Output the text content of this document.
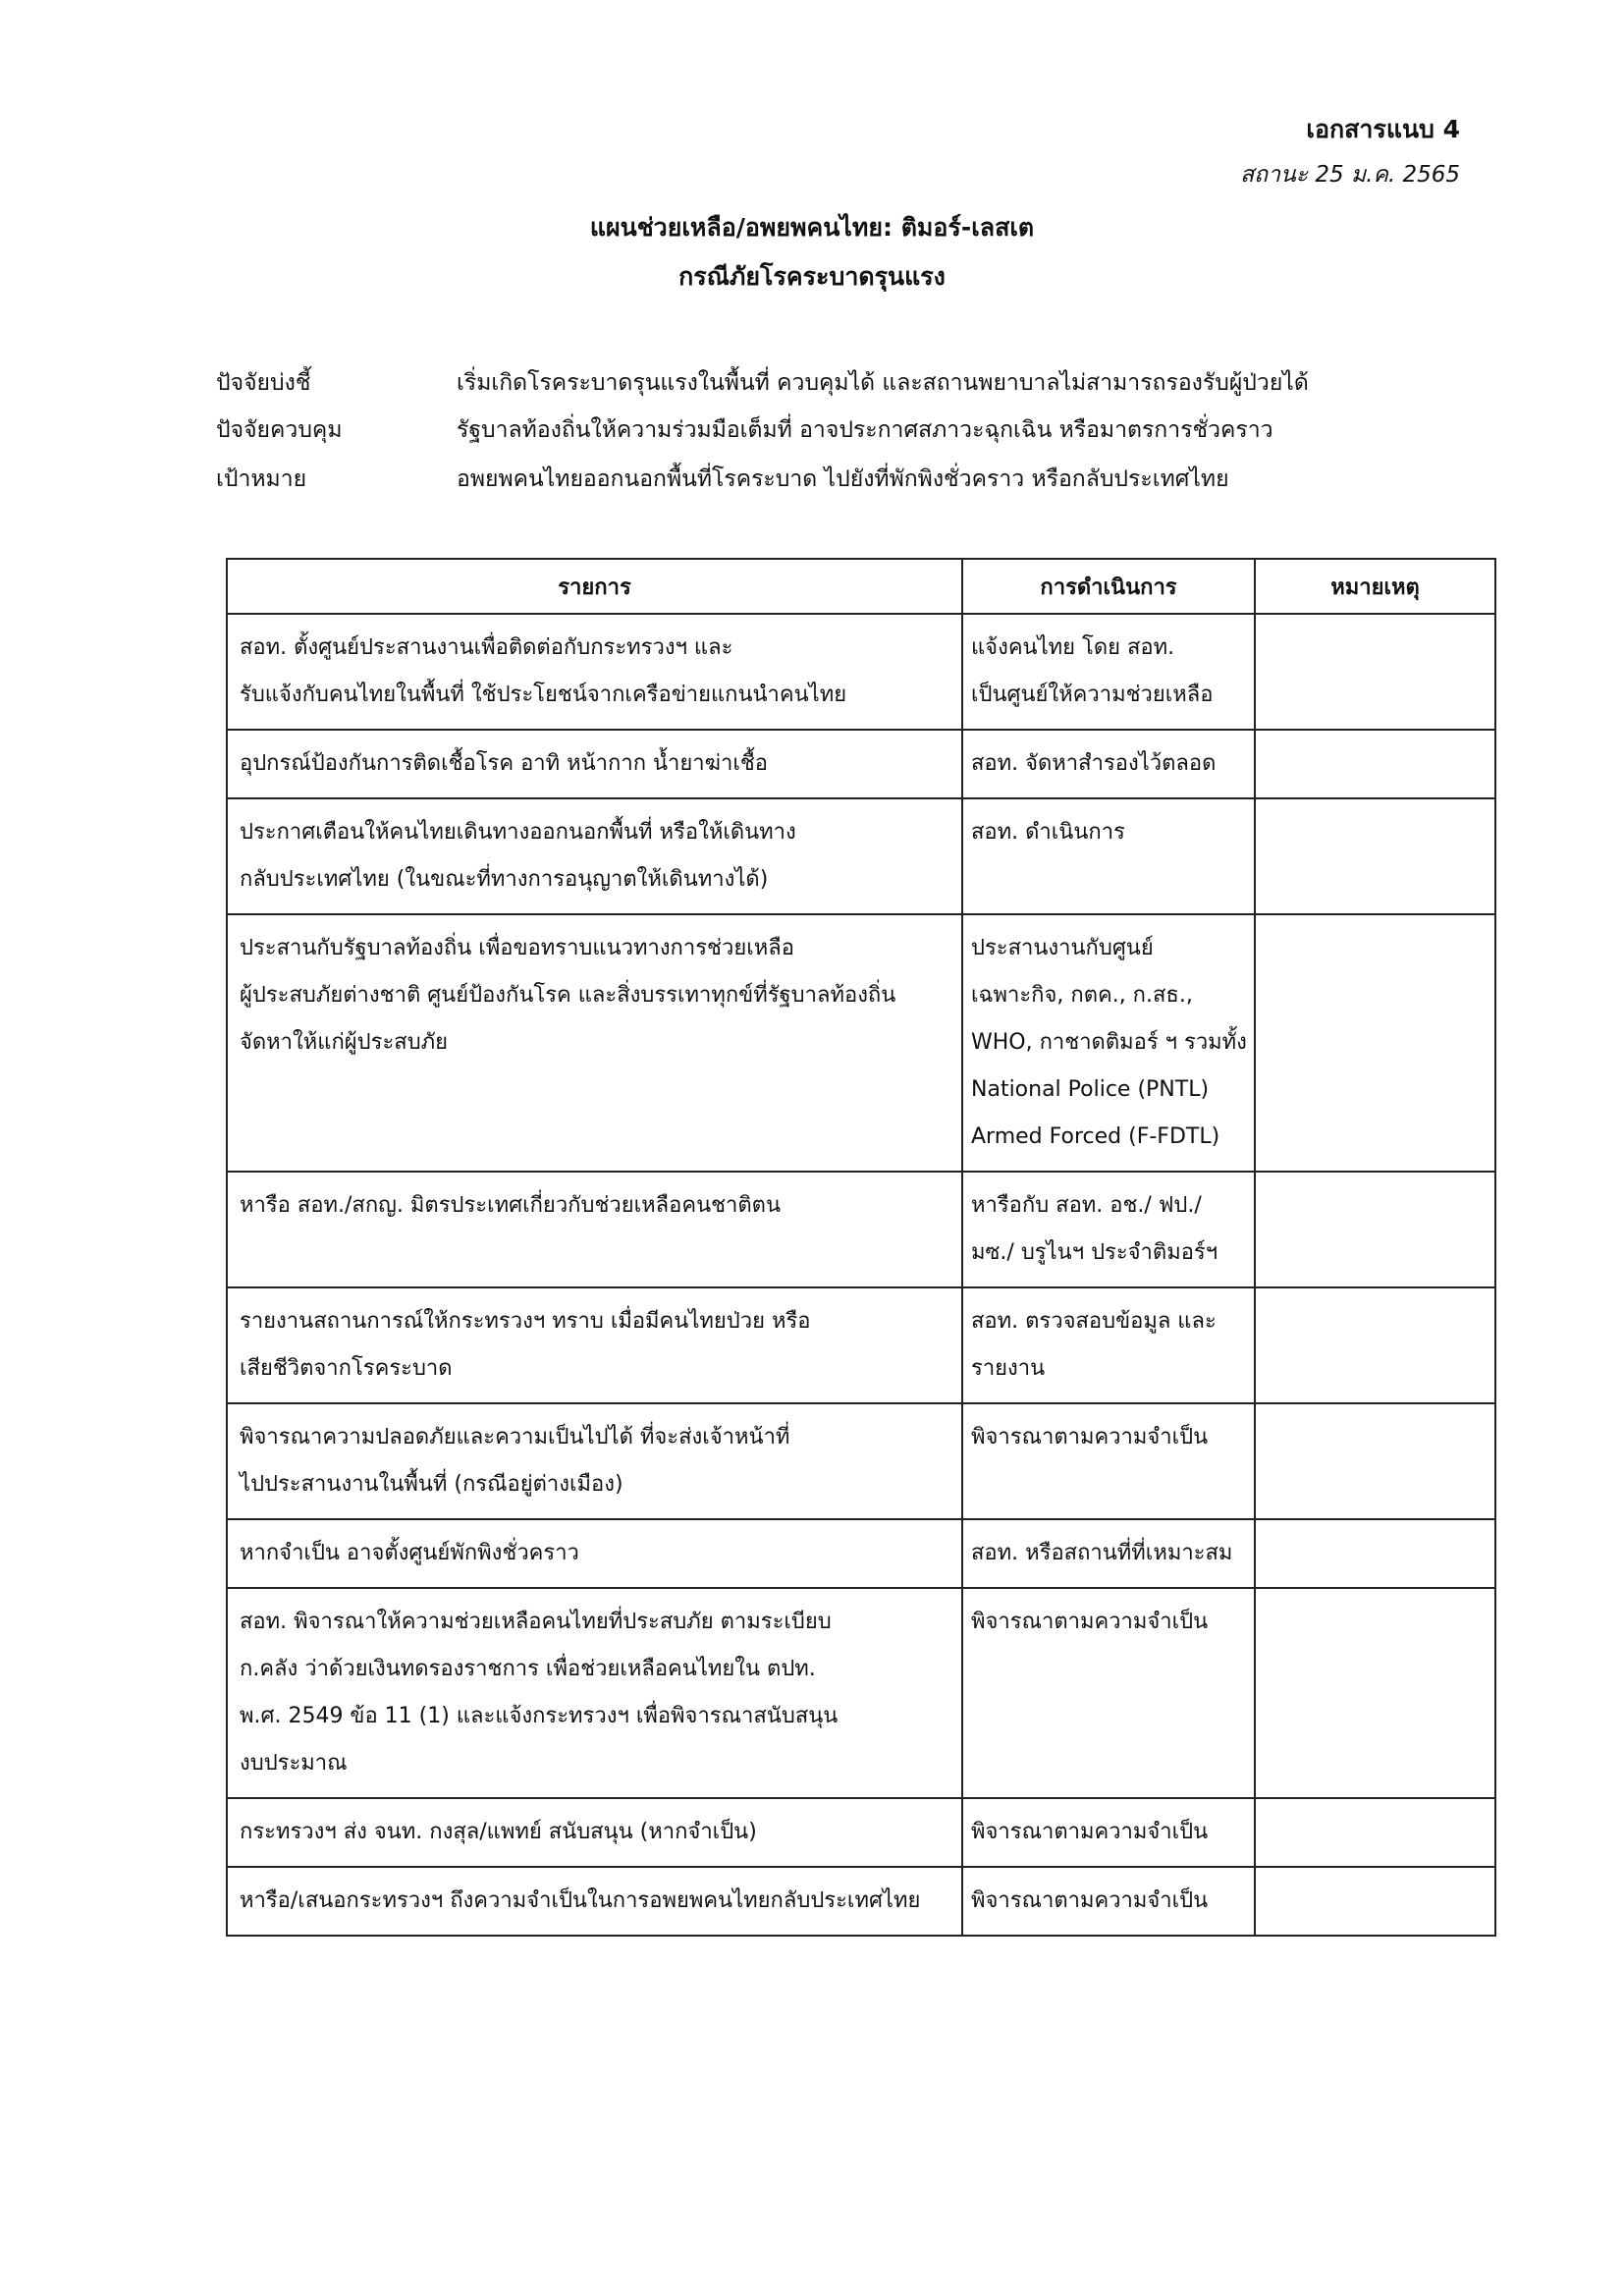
เอกสารแนบ 4
สถานะ 25 ม.ค. 2565
แผนช่วยเหลือ/อพยพคนไทย: ติมอร์-เลสเต
กรณีภัยโรคระบาดรุนแรง
ปัจจัยบ่งชี้	เริ่มเกิดโรคระบาดรุนแรงในพื้นที่ ควบคุมได้ และสถานพยาบาลไม่สามารถรองรับผู้ป่วยได้
ปัจจัยควบคุม	รัฐบาลท้องถิ่นให้ความร่วมมือเต็มที่ อาจประกาศสภาวะฉุกเฉิน หรือมาตรการชั่วคราว
เป้าหมาย	อพยพคนไทยออกนอกพื้นที่โรคระบาด ไปยังที่พักพิงชั่วคราว หรือกลับประเทศไทย
รายการ	การดำเนินการ	หมายเหตุ

สอท. ตั้งศูนย์ประสานงานเพื่อติดต่อกับกระทรวงฯ และ
รับแจ้งกับคนไทยในพื้นที่ ใช้ประโยชน์จากเครือข่ายแกนนำคนไทย	แจ้งคนไทย โดย สอท.
เป็นศูนย์ให้ความช่วยเหลือ	

อุปกรณ์ป้องกันการติดเชื้อโรค อาทิ หน้ากาก น้ำยาฆ่าเชื้อ	สอท. จัดหาสำรองไว้ตลอด	

ประกาศเตือนให้คนไทยเดินทางออกนอกพื้นที่ หรือให้เดินทาง
กลับประเทศไทย (ในขณะที่ทางการอนุญาตให้เดินทางได้)	สอท. ดำเนินการ	

ประสานกับรัฐบาลท้องถิ่น เพื่อขอทราบแนวทางการช่วยเหลือ
ผู้ประสบภัยต่างชาติ ศูนย์ป้องกันโรค และสิ่งบรรเทาทุกข์ที่รัฐบาลท้องถิ่น
จัดหาให้แก่ผู้ประสบภัย	ประสานงานกับศูนย์
เฉพาะกิจ, กตค., ก.สธ.,
WHO, กาชาดติมอร์ ฯ รวมทั้ง
National Police (PNTL)
Armed Forced (F-FDTL)	

หารือ สอท./สกญ. มิตรประเทศเกี่ยวกับช่วยเหลือคนชาติตน	หารือกับ สอท. อช./ ฟป./
มซ./ บรูไนฯ ประจำติมอร์ฯ	

รายงานสถานการณ์ให้กระทรวงฯ ทราบ เมื่อมีคนไทยป่วย หรือ
เสียชีวิตจากโรคระบาด	สอท. ตรวจสอบข้อมูล และ
รายงาน	

พิจารณาความปลอดภัยและความเป็นไปได้ ที่จะส่งเจ้าหน้าที่
ไปประสานงานในพื้นที่ (กรณีอยู่ต่างเมือง)	พิจารณาตามความจำเป็น	

หากจำเป็น อาจตั้งศูนย์พักพิงชั่วคราว	สอท. หรือสถานที่ที่เหมาะสม	

สอท. พิจารณาให้ความช่วยเหลือคนไทยที่ประสบภัย ตามระเบียบ
ก.คลัง ว่าด้วยเงินทดรองราชการ เพื่อช่วยเหลือคนไทยใน ตปท.
พ.ศ. 2549 ข้อ 11 (1) และแจ้งกระทรวงฯ เพื่อพิจารณาสนับสนุน
งบประมาณ	พิจารณาตามความจำเป็น	

กระทรวงฯ ส่ง จนท. กงสุล/แพทย์ สนับสนุน (หากจำเป็น)	พิจารณาตามความจำเป็น	

หารือ/เสนอกระทรวงฯ ถึงความจำเป็นในการอพยพคนไทยกลับประเทศไทย	พิจารณาตามความจำเป็น	
